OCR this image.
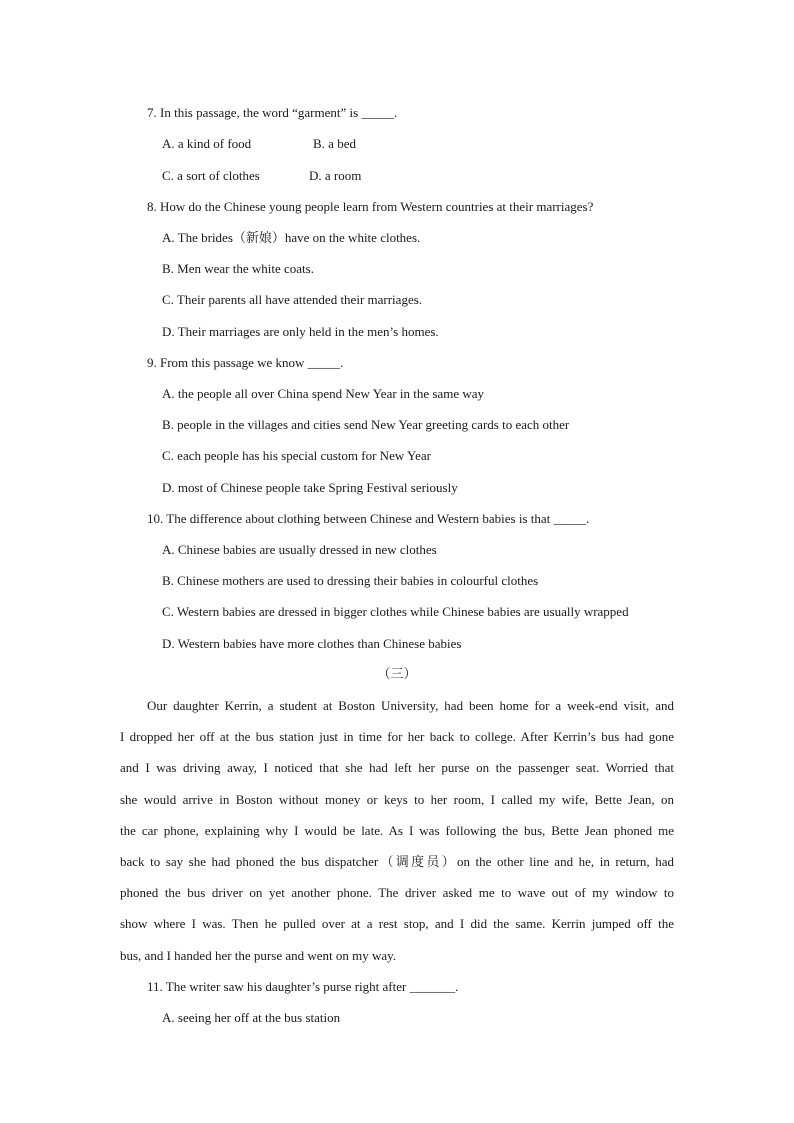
7. In this passage, the word “garment” is _____.
A. a kind of food	B. a bed
C. a sort of clothes	D. a room
8. How do the Chinese young people learn from Western countries at their marriages?
A. The brides（新娘）have on the white clothes.
B. Men wear the white coats.
C. Their parents all have attended their marriages.
D. Their marriages are only held in the men’s homes.
9. From this passage we know _____.
A. the people all over China spend New Year in the same way
B. people in the villages and cities send New Year greeting cards to each other
C. each people has his special custom for New Year
D. most of Chinese people take Spring Festival seriously
10. The difference about clothing between Chinese and Western babies is that _____.
A. Chinese babies are usually dressed in new clothes
B. Chinese mothers are used to dressing their babies in colourful clothes
C. Western babies are dressed in bigger clothes while Chinese babies are usually wrapped
D. Western babies have more clothes than Chinese babies
（三）
Our daughter Kerrin, a student at Boston University, had been home for a week-end visit, and
I dropped her off at the bus station just in time for her back to college. After Kerrin’s bus had gone
and I was driving away, I noticed that she had left her purse on the passenger seat. Worried that
she would arrive in Boston without money or keys to her room, I called my wife, Bette Jean, on
the car phone, explaining why I would be late. As I was following the bus, Bette Jean phoned me
back to say she had phoned the bus dispatcher（调度员）on the other line and he, in return, had
phoned the bus driver on yet another phone. The driver asked me to wave out of my window to
show where I was. Then he pulled over at a rest stop, and I did the same. Kerrin jumped off the
bus, and I handed her the purse and went on my way.
11. The writer saw his daughter’s purse right after _______.
A. seeing her off at the bus station
